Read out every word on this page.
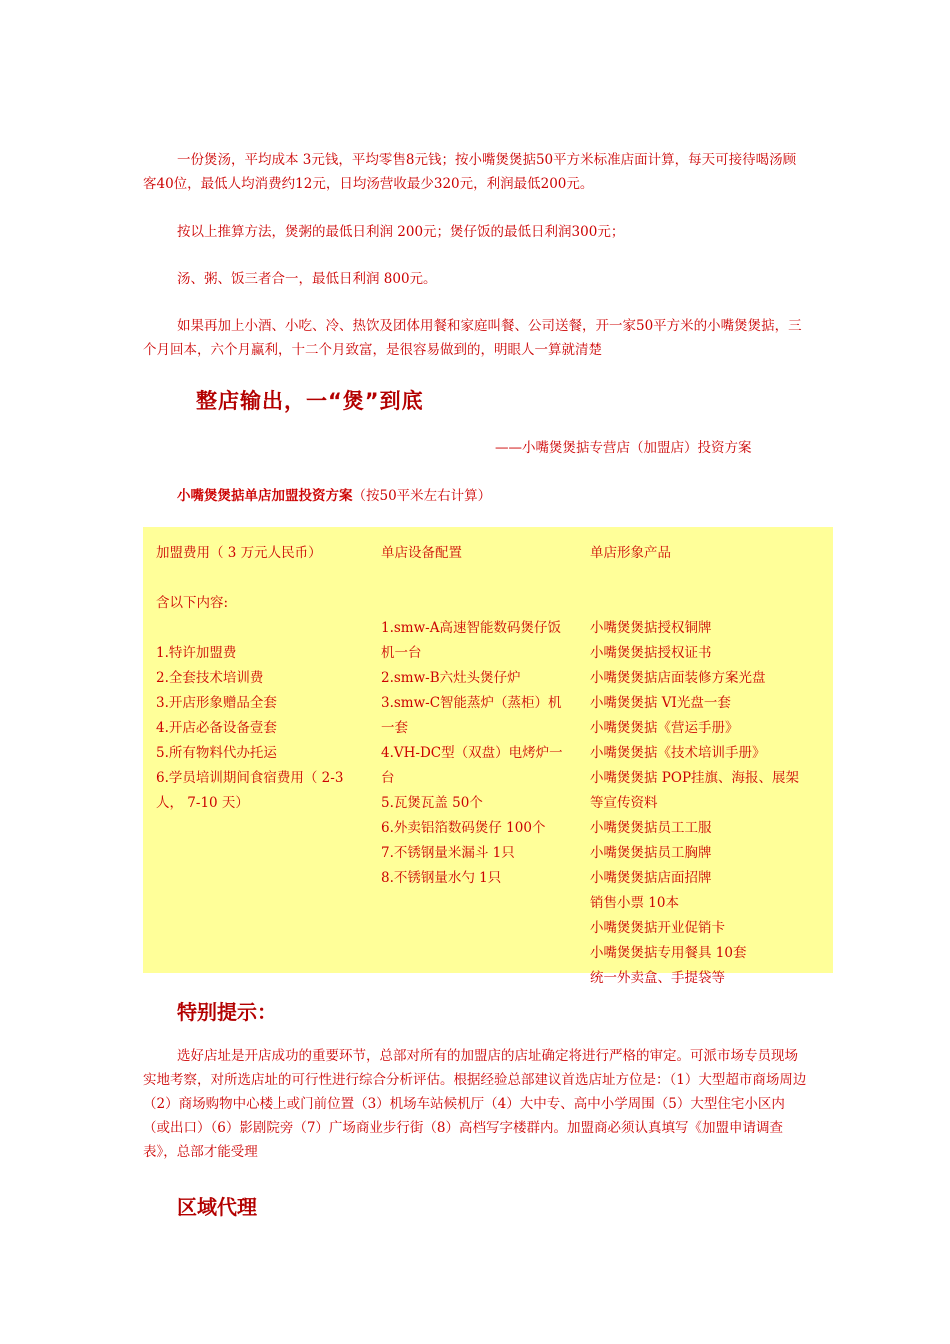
一份煲汤，平均成本 3元钱，平均零售8元钱；按小嘴煲煲掂50平方米标准店面计算，每天可接待喝汤顾客40位，最低人均消费约12元，日均汤营收最少320元，利润最低200元。

按以上推算方法，煲粥的最低日利润 200元；煲仔饭的最低日利润300元；

汤、粥、饭三者合一，最低日利润 800元。

如果再加上小酒、小吃、冷、热饮及团体用餐和家庭叫餐、公司送餐，开一家50平方米的小嘴煲煲掂，三个月回本，六个月赢利，十二个月致富，是很容易做到的，明眼人一算就清楚

整店输出，一“煲”到底

——小嘴煲煲掂专营店（加盟店）投资方案

小嘴煲煲掂单店加盟投资方案（按50平米左右计算）

加盟费用（ 3 万元人民币）

含以下内容:

1.特许加盟费

2.全套技术培训费

3.开店形象赠品全套

4.开店必备设备壹套

5.所有物料代办托运

6.学员培训期间食宿费用（ 2-3

人， 7-10 天）

单店设备配置

1.smw-A高速智能数码煲仔饭

机一台

2.smw-B六灶头煲仔炉

3.smw-C智能蒸炉（蒸柜）机

一套

4.VH-DC型（双盘）电烤炉一

台

5.瓦煲瓦盖 50个

6.外卖铝箔数码煲仔 100个

7.不锈钢量米漏斗 1只

8.不锈钢量水勺 1只

单店形象产品

小嘴煲煲掂授权铜牌

小嘴煲煲掂授权证书

小嘴煲煲掂店面装修方案光盘

小嘴煲煲掂 VI光盘一套

小嘴煲煲掂《营运手册》

小嘴煲煲掂《技术培训手册》

小嘴煲煲掂 POP挂旗、海报、展架

等宣传资料

小嘴煲煲掂员工工服

小嘴煲煲掂员工胸牌

小嘴煲煲掂店面招牌

销售小票 10本

小嘴煲煲掂开业促销卡

小嘴煲煲掂专用餐具 10套

统一外卖盒、手提袋等

特别提示：

选好店址是开店成功的重要环节，总部对所有的加盟店的店址确定将进行严格的审定。可派市场专员现场实地考察，对所选店址的可行性进行综合分析评估。根据经验总部建议首选店址方位是：（1）大型超市商场周边（2）商场购物中心楼上或门前位置（3）机场车站候机厅（4）大中专、高中小学周围（5）大型住宅小区内（或出口）（6）影剧院旁（7）广场商业步行街（8）高档写字楼群内。加盟商必须认真填写《加盟申请调查表》，总部才能受理

区域代理
